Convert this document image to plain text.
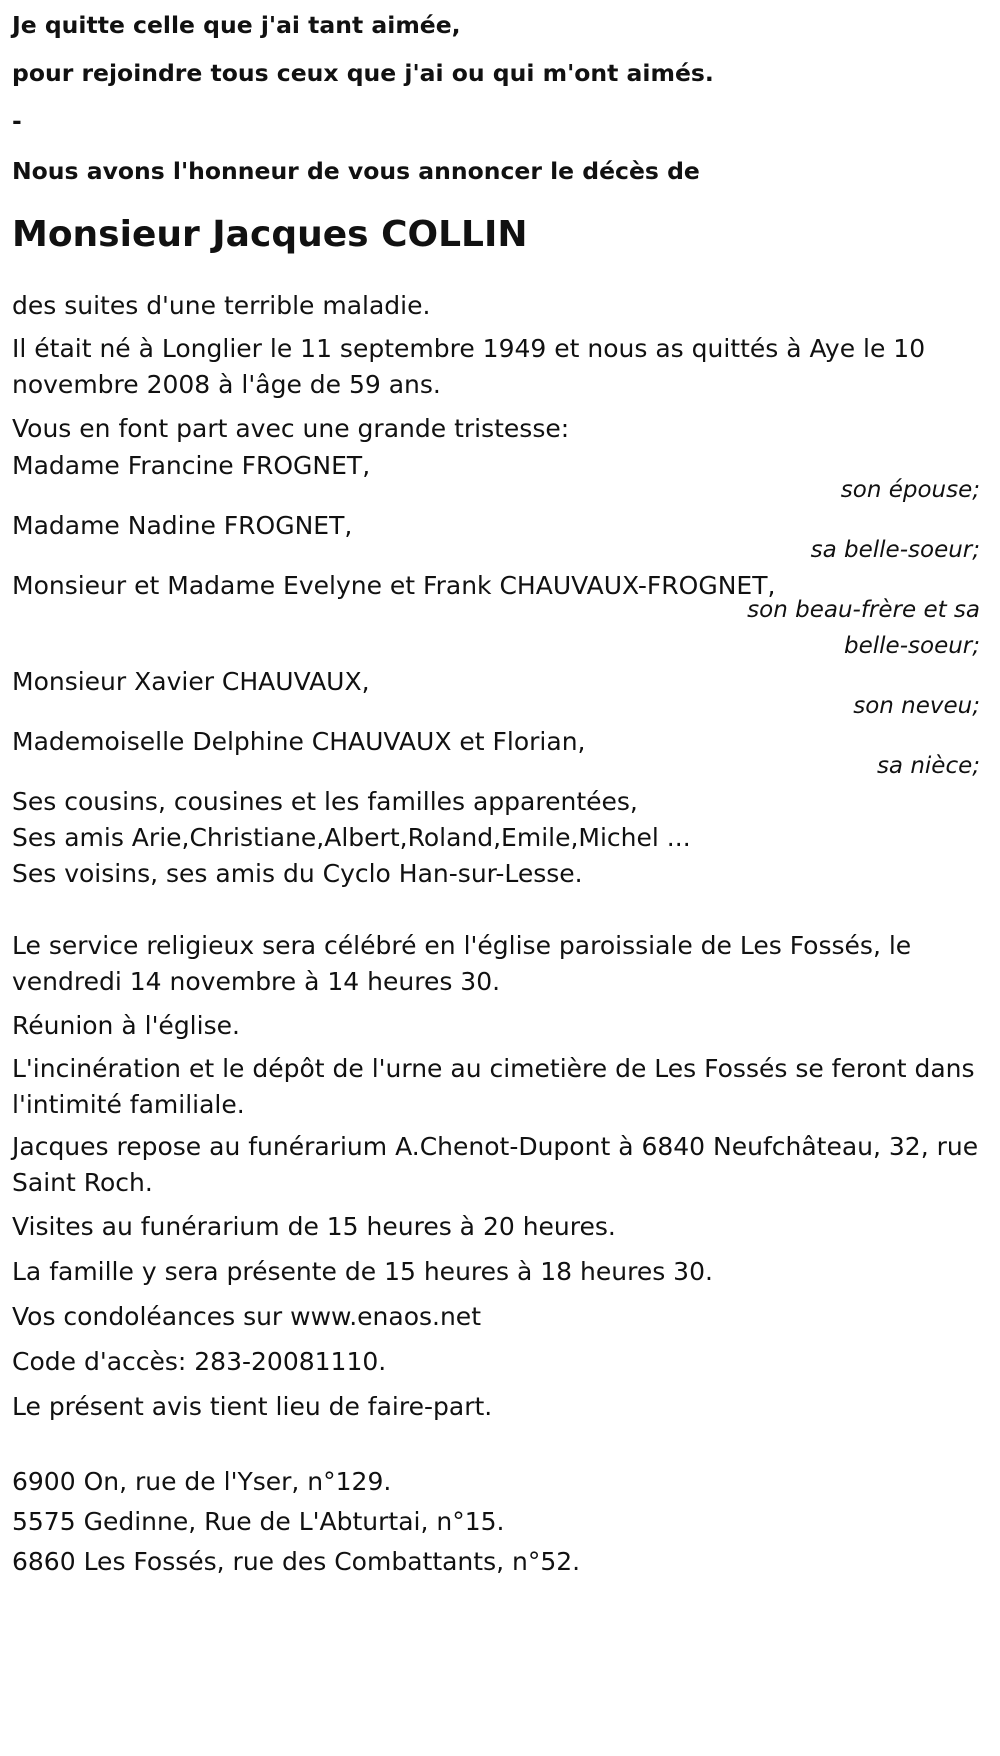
Je quitte celle que j'ai tant aimée,

pour rejoindre tous ceux que j'ai ou qui m'ont aimés.

-

Nous avons l'honneur de vous annoncer le décès de

Monsieur Jacques COLLIN

des suites d'une terrible maladie.

Il était né à Longlier le 11 septembre 1949 et nous as quittés à Aye le 10 novembre 2008 à l'âge de 59 ans.

Vous en font part avec une grande tristesse:

Madame Francine FROGNET,
son épouse;
Madame Nadine FROGNET,
sa belle-soeur;
Monsieur et Madame Evelyne et Frank CHAUVAUX-FROGNET,
son beau-frère et sa belle-soeur;
Monsieur Xavier CHAUVAUX,
son neveu;
Mademoiselle Delphine CHAUVAUX et Florian,
sa nièce;

Ses cousins, cousines et les familles apparentées,

Ses amis Arie,Christiane,Albert,Roland,Emile,Michel ...

Ses voisins, ses amis du Cyclo Han-sur-Lesse.

Le service religieux sera célébré en l'église paroissiale de Les Fossés, le vendredi 14 novembre à 14 heures 30.

Réunion à l'église.

L'incinération et le dépôt de l'urne au cimetière de Les Fossés se feront dans l'intimité familiale.

Jacques repose au funérarium A.Chenot-Dupont à 6840 Neufchâteau, 32, rue Saint Roch.

Visites au funérarium de 15 heures à 20 heures.

La famille y sera présente de 15 heures à 18 heures 30.

Vos condoléances sur www.enaos.net

Code d'accès: 283-20081110.

Le présent avis tient lieu de faire-part.

6900 On, rue de l'Yser, n°129.

5575 Gedinne, Rue de L'Abturtai, n°15.

6860 Les Fossés, rue des Combattants, n°52.
